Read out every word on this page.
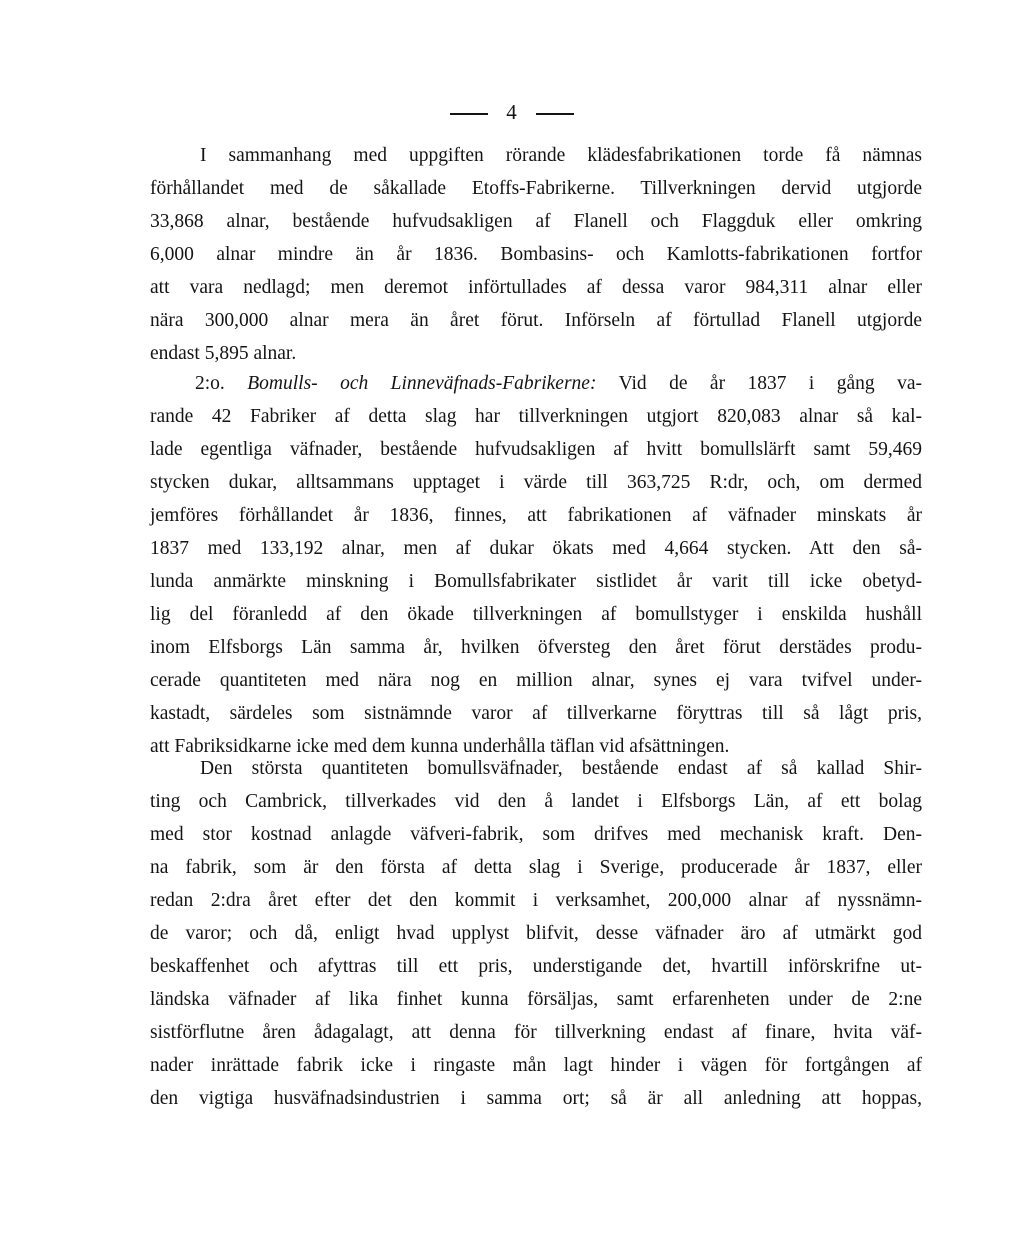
4
I sammanhang med uppgiften rörande klädesfabrikationen torde få nämnas
förhållandet med de såkallade Etoffs-Fabrikerne. Tillverkningen dervid utgjorde
33,868 alnar, bestående hufvudsakligen af Flanell och Flaggduk eller omkring
6,000 alnar mindre än år 1836. Bombasins- och Kamlotts-fabrikationen fortfor
att vara nedlagd; men deremot införtullades af dessa varor 984,311 alnar eller
nära 300,000 alnar mera än året förut. Införseln af förtullad Flanell utgjorde
endast 5,895 alnar.
2:o. Bomulls- och Linneväfnads-Fabrikerne: Vid de år 1837 i gång va-
rande 42 Fabriker af detta slag har tillverkningen utgjort 820,083 alnar så kal-
lade egentliga väfnader, bestående hufvudsakligen af hvitt bomullslärft samt 59,469
stycken dukar, alltsammans upptaget i värde till 363,725 R:dr, och, om dermed
jemföres förhållandet år 1836, finnes, att fabrikationen af väfnader minskats år
1837 med 133,192 alnar, men af dukar ökats med 4,664 stycken. Att den så-
lunda anmärkte minskning i Bomullsfabrikater sistlidet år varit till icke obetyd-
lig del föranledd af den ökade tillverkningen af bomullstyger i enskilda hushåll
inom Elfsborgs Län samma år, hvilken öfversteg den året förut derstädes produ-
cerade quantiteten med nära nog en million alnar, synes ej vara tvifvel under-
kastadt, särdeles som sistnämnde varor af tillverkarne föryttras till så lågt pris,
att Fabriksidkarne icke med dem kunna underhålla täflan vid afsättningen.
Den största quantiteten bomullsväfnader, bestående endast af så kallad Shir-
ting och Cambrick, tillverkades vid den å landet i Elfsborgs Län, af ett bolag
med stor kostnad anlagde väfveri-fabrik, som drifves med mechanisk kraft. Den-
na fabrik, som är den första af detta slag i Sverige, producerade år 1837, eller
redan 2:dra året efter det den kommit i verksamhet, 200,000 alnar af nyssnämn-
de varor; och då, enligt hvad upplyst blifvit, desse väfnader äro af utmärkt god
beskaffenhet och afyttras till ett pris, understigande det, hvartill införskrifne ut-
ländska väfnader af lika finhet kunna försäljas, samt erfarenheten under de 2:ne
sistförflutne åren ådagalagt, att denna för tillverkning endast af finare, hvita väf-
nader inrättade fabrik icke i ringaste mån lagt hinder i vägen för fortgången af
den vigtiga husväfnadsindustrien i samma ort; så är all anledning att hoppas,
